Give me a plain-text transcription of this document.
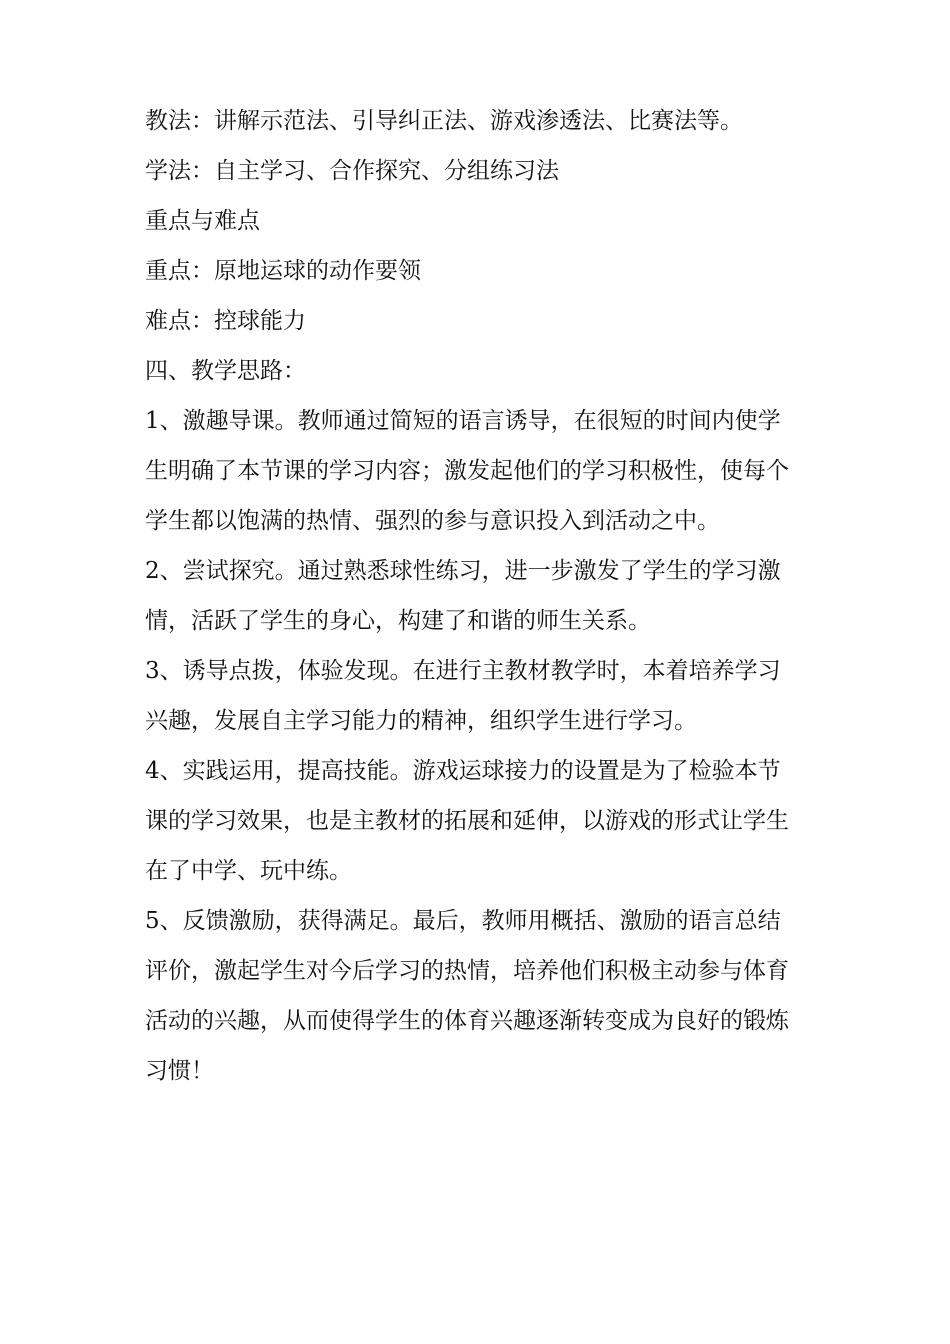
教法：讲解示范法、引导纠正法、游戏渗透法、比赛法等。

学法：自主学习、合作探究、分组练习法

重点与难点

重点：原地运球的动作要领

难点：控球能力

四、教学思路：

1、激趣导课。教师通过简短的语言诱导，在很短的时间内使学

生明确了本节课的学习内容；激发起他们的学习积极性，使每个

学生都以饱满的热情、强烈的参与意识投入到活动之中。

2、尝试探究。通过熟悉球性练习，进一步激发了学生的学习激

情，活跃了学生的身心，构建了和谐的师生关系。

3、诱导点拨，体验发现。在进行主教材教学时，本着培养学习

兴趣，发展自主学习能力的精神，组织学生进行学习。

4、实践运用，提高技能。游戏运球接力的设置是为了检验本节

课的学习效果，也是主教材的拓展和延伸，以游戏的形式让学生

在了中学、玩中练。

5、反馈激励，获得满足。最后，教师用概括、激励的语言总结

评价，激起学生对今后学习的热情，培养他们积极主动参与体育

活动的兴趣，从而使得学生的体育兴趣逐渐转变成为良好的锻炼

习惯！
